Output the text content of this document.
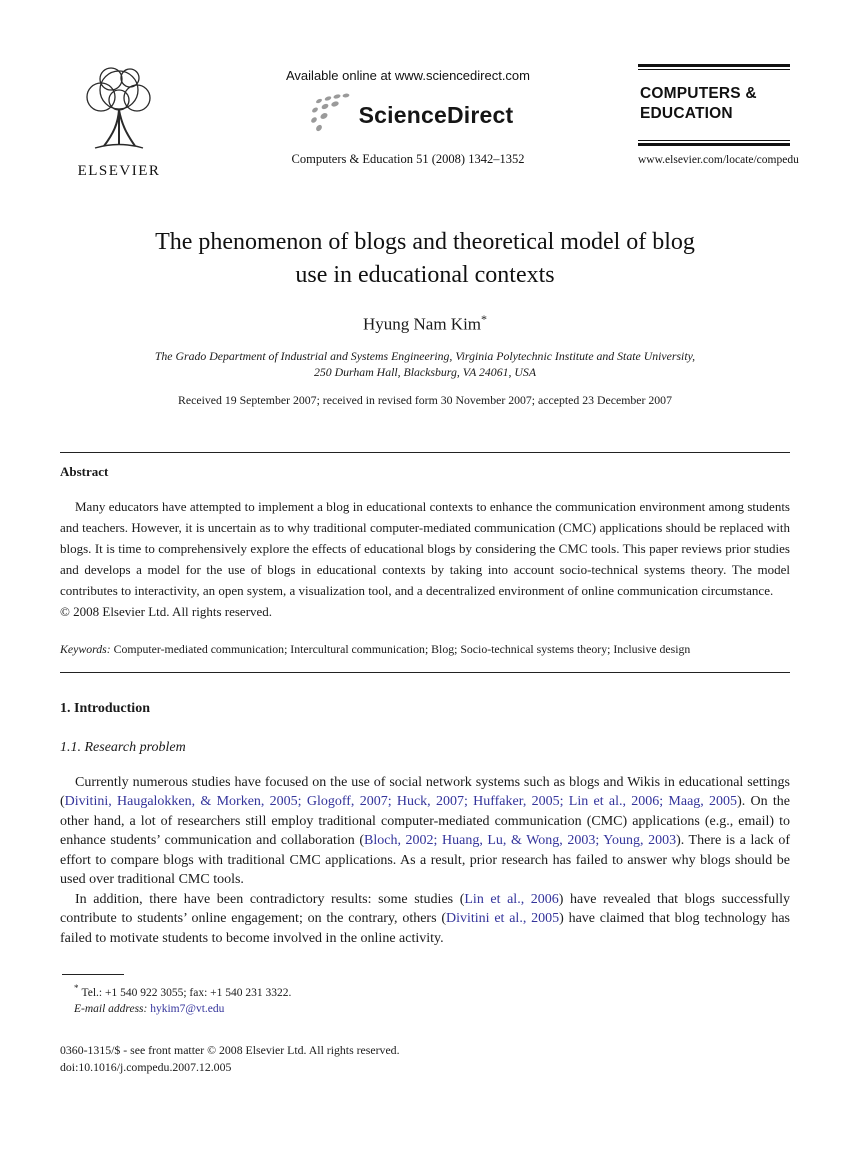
ELSEVIER
Available online at www.sciencedirect.com
ScienceDirect
Computers & Education 51 (2008) 1342–1352
COMPUTERS &
EDUCATION
www.elsevier.com/locate/compedu
The phenomenon of blogs and theoretical model of blog
use in educational contexts
Hyung Nam Kim*
The Grado Department of Industrial and Systems Engineering, Virginia Polytechnic Institute and State University,
250 Durham Hall, Blacksburg, VA 24061, USA
Received 19 September 2007; received in revised form 30 November 2007; accepted 23 December 2007
Abstract

Many educators have attempted to implement a blog in educational contexts to enhance the communication environment among students and teachers. However, it is uncertain as to why traditional computer-mediated communication (CMC) applications should be replaced with blogs. It is time to comprehensively explore the effects of educational blogs by considering the CMC tools. This paper reviews prior studies and develops a model for the use of blogs in educational contexts by taking into account socio-technical systems theory. The model contributes to interactivity, an open system, a visualization tool, and a decentralized environment of online communication circumstance.

© 2008 Elsevier Ltd. All rights reserved.
Keywords: Computer-mediated communication; Intercultural communication; Blog; Socio-technical systems theory; Inclusive design
1. Introduction
1.1. Research problem

Currently numerous studies have focused on the use of social network systems such as blogs and Wikis in educational settings (Divitini, Haugalokken, & Morken, 2005; Glogoff, 2007; Huck, 2007; Huffaker, 2005; Lin et al., 2006; Maag, 2005). On the other hand, a lot of researchers still employ traditional computer-mediated communication (CMC) applications (e.g., email) to enhance students’ communication and collaboration (Bloch, 2002; Huang, Lu, & Wong, 2003; Young, 2003). There is a lack of effort to compare blogs with traditional CMC applications. As a result, prior research has failed to answer why blogs should be used over traditional CMC tools.

In addition, there have been contradictory results: some studies (Lin et al., 2006) have revealed that blogs successfully contribute to students’ online engagement; on the contrary, others (Divitini et al., 2005) have claimed that blog technology has failed to motivate students to become involved in the online activity.

* Tel.: +1 540 922 3055; fax: +1 540 231 3322.
E-mail address: hykim7@vt.edu
0360-1315/$ - see front matter © 2008 Elsevier Ltd. All rights reserved.
doi:10.1016/j.compedu.2007.12.005
